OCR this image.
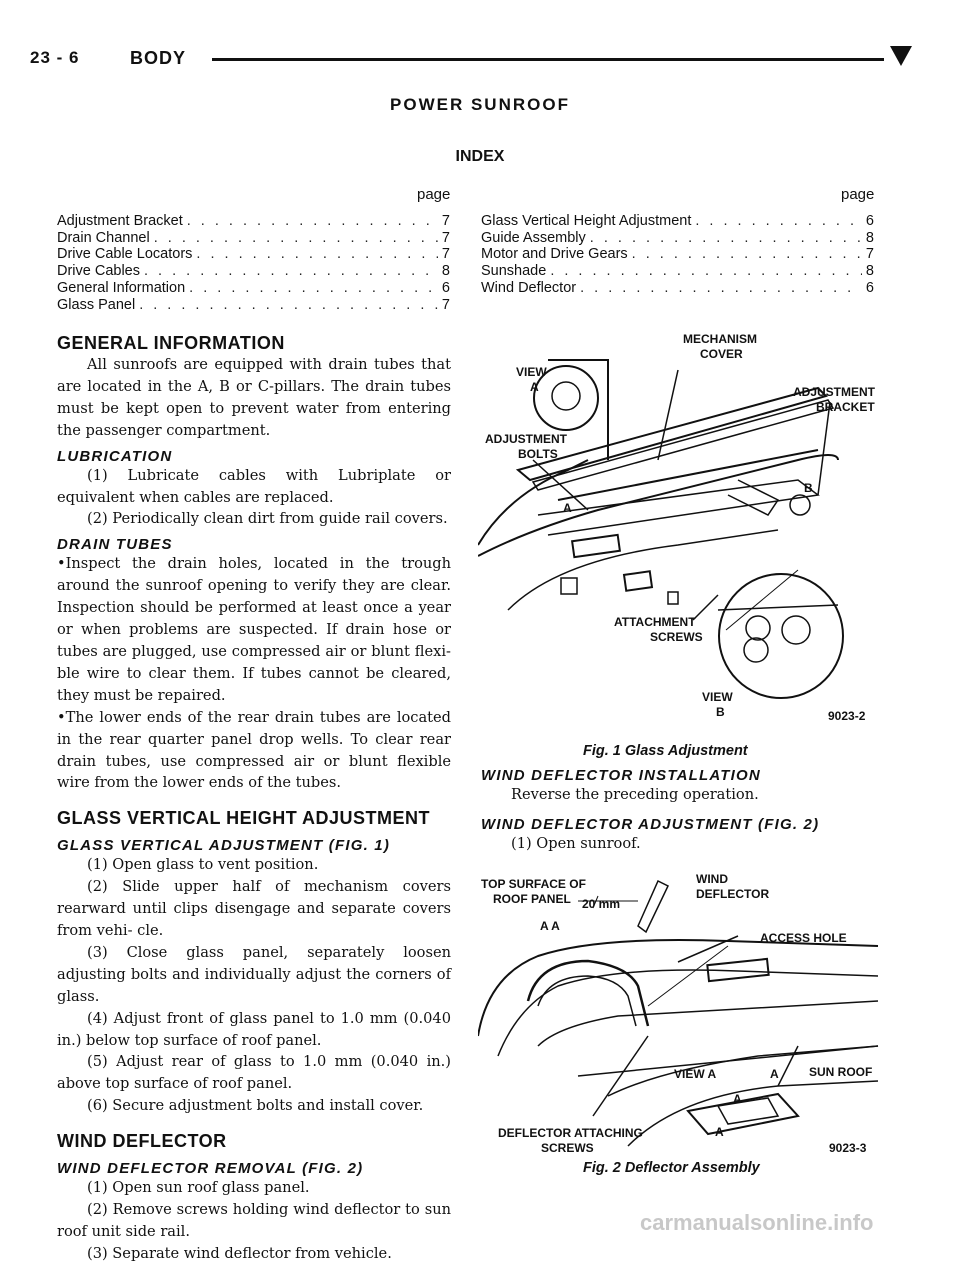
23 - 6	BODY
POWER SUNROOF
INDEX
page	page
Adjustment Bracket . . .	7
Drain Channel . . .	7
Drive Cable Locators . . .	7
Drive Cables . . .	8
General Information . . .	6
Glass Panel . . .	7
Glass Vertical Height Adjustment . . .	6
Guide Assembly . . .	8
Motor and Drive Gears . . .	7
Sunshade . . .	8
Wind Deflector . . .	6
GENERAL INFORMATION

All sunroofs are equipped with drain tubes that are located in the A, B or C-pillars. The drain tubes must be kept open to prevent water from entering the passenger compartment.

LUBRICATION

(1) Lubricate cables with Lubriplate or equivalent when cables are replaced.

(2) Periodically clean dirt from guide rail covers.

DRAIN TUBES

•Inspect the drain holes, located in the trough around the sunroof opening to verify they are clear. Inspection should be performed at least once a year or when problems are suspected. If drain hose or tubes are plugged, use compressed air or blunt flexi- ble wire to clear them. If tubes cannot be cleared, they must be repaired.

•The lower ends of the rear drain tubes are located in the rear quarter panel drop wells. To clear rear drain tubes, use compressed air or blunt flexible wire from the lower ends of the tubes.

GLASS VERTICAL HEIGHT ADJUSTMENT
GLASS VERTICAL ADJUSTMENT (FIG. 1)

(1) Open glass to vent position.

(2) Slide upper half of mechanism covers rearward until clips disengage and separate covers from vehi- cle.

(3) Close glass panel, separately loosen adjusting bolts and individually adjust the corners of glass.

(4) Adjust front of glass panel to 1.0 mm (0.040 in.) below top surface of roof panel.

(5) Adjust rear of glass to 1.0 mm (0.040 in.) above top surface of roof panel.

(6) Secure adjustment bolts and install cover.

WIND DEFLECTOR
WIND DEFLECTOR REMOVAL (FIG. 2)

(1) Open sun roof glass panel.

(2) Remove screws holding wind deflector to sun roof unit side rail.

(3) Separate wind deflector from vehicle.

MECHANISM
COVER
VIEW
A	ADJUSTMENT
BRACKET
ADJUSTMENT
BOLTS
A
B
ATTACHMENT
SCREWS
VIEW
B	9023-2
Fig. 1 Glass Adjustment
WIND DEFLECTOR INSTALLATION

Reverse the preceding operation.

WIND DEFLECTOR ADJUSTMENT (FIG. 2)

(1) Open sunroof.

TOP SURFACE OF
ROOF PANEL 20 mm
A A
WIND
DEFLECTOR
ACCESS HOLE
SUN ROOF
VIEW A	A
A
A
DEFLECTOR ATTACHING
SCREWS	9023-3
Fig. 2 Deflector Assembly
carmanualsonline.info
